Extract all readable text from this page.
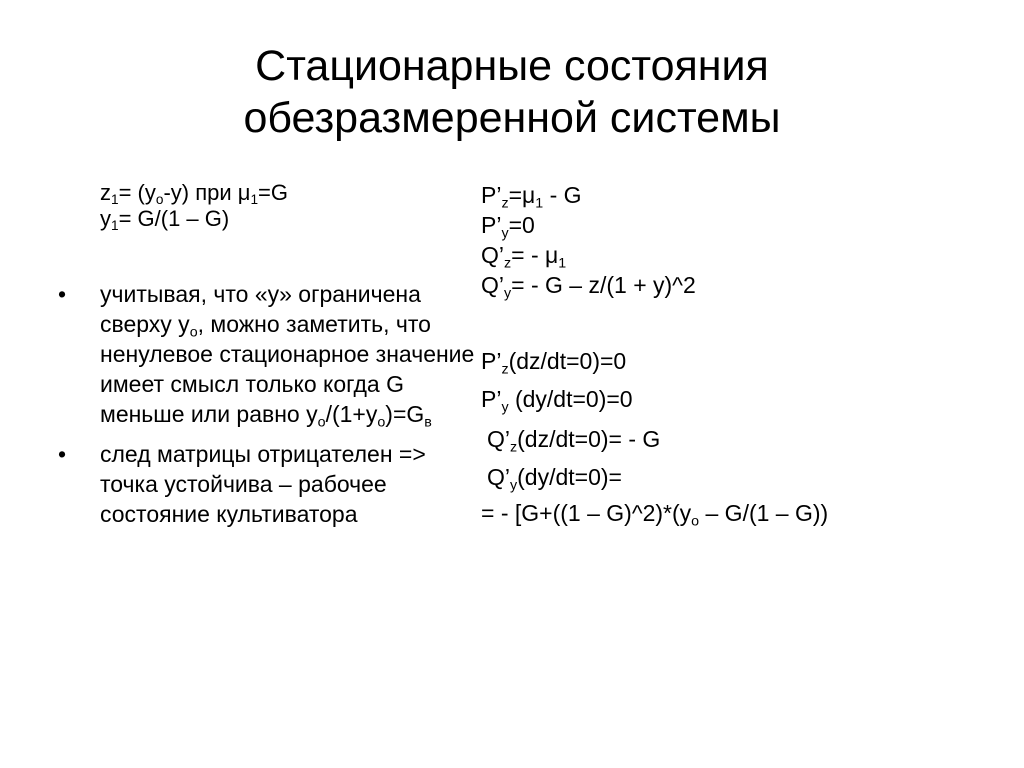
Стационарные состояния
обезразмеренной системы
z1= (yo-y) при μ1=G
y1= G/(1 – G)
• учитывая, что «y» ограничена сверху yo, можно заметить, что ненулевое стационарное значение имеет смысл только когда G меньше или равно yo/(1+yo)=Gв
• след матрицы отрицателен => точка устойчива – рабочее состояние культиватора
P’z=μ1 - G
P’y=0
Q’z= - μ1
Q’y= - G – z/(1 + y)^2
P’z(dz/dt=0)=0
P’y (dy/dt=0)=0
Q’z(dz/dt=0)= - G
Q’y(dy/dt=0)=
= - [G+((1 – G)^2)*(yo – G/(1 – G))
